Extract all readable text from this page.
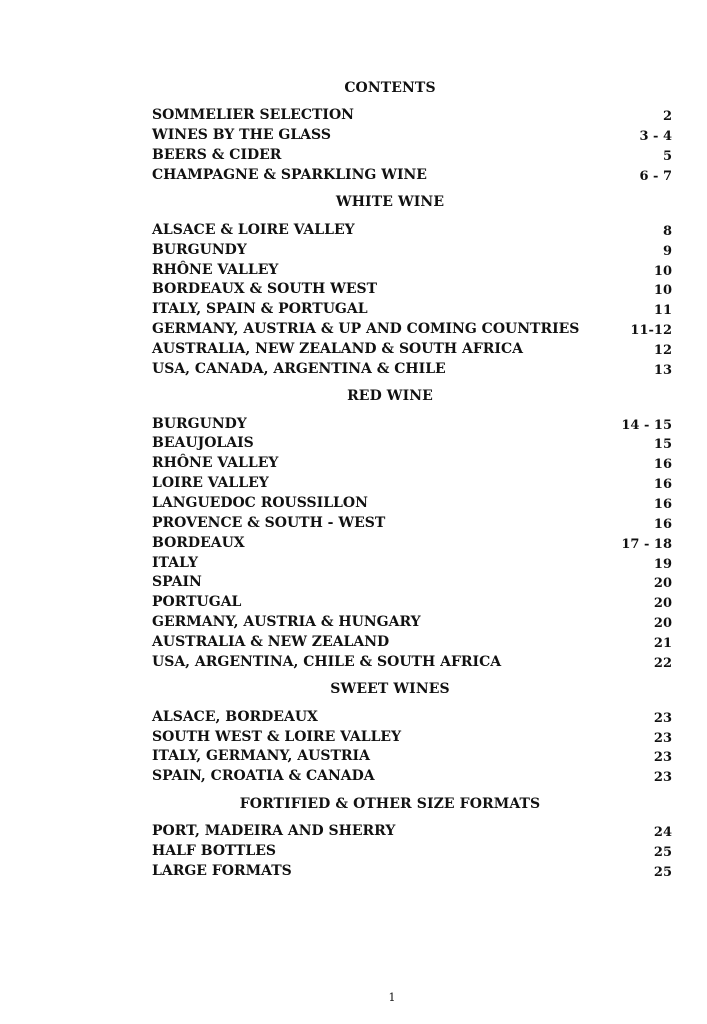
CONTENTS
SOMMELIER SELECTION	2
WINES BY THE GLASS	3 - 4
BEERS & CIDER	5
CHAMPAGNE & SPARKLING WINE	6 - 7
WHITE WINE
ALSACE & LOIRE VALLEY	8
BURGUNDY	9
RHÔNE VALLEY	10
BORDEAUX & SOUTH WEST	10
ITALY, SPAIN & PORTUGAL	11
GERMANY, AUSTRIA & UP AND COMING COUNTRIES	11-12
AUSTRALIA, NEW ZEALAND & SOUTH AFRICA	12
USA, CANADA, ARGENTINA & CHILE	13
RED WINE
BURGUNDY	14 - 15
BEAUJOLAIS	15
RHÔNE VALLEY	16
LOIRE VALLEY	16
LANGUEDOC ROUSSILLON	16
PROVENCE & SOUTH - WEST	16
BORDEAUX	17 - 18
ITALY	19
SPAIN	20
PORTUGAL	20
GERMANY, AUSTRIA & HUNGARY	20
AUSTRALIA & NEW ZEALAND	21
USA, ARGENTINA, CHILE & SOUTH AFRICA	22
SWEET WINES
ALSACE, BORDEAUX	23
SOUTH WEST & LOIRE VALLEY	23
ITALY, GERMANY, AUSTRIA	23
SPAIN, CROATIA & CANADA	23
FORTIFIED & OTHER SIZE FORMATS
PORT, MADEIRA AND SHERRY	24
HALF BOTTLES	25
LARGE FORMATS	25
1
